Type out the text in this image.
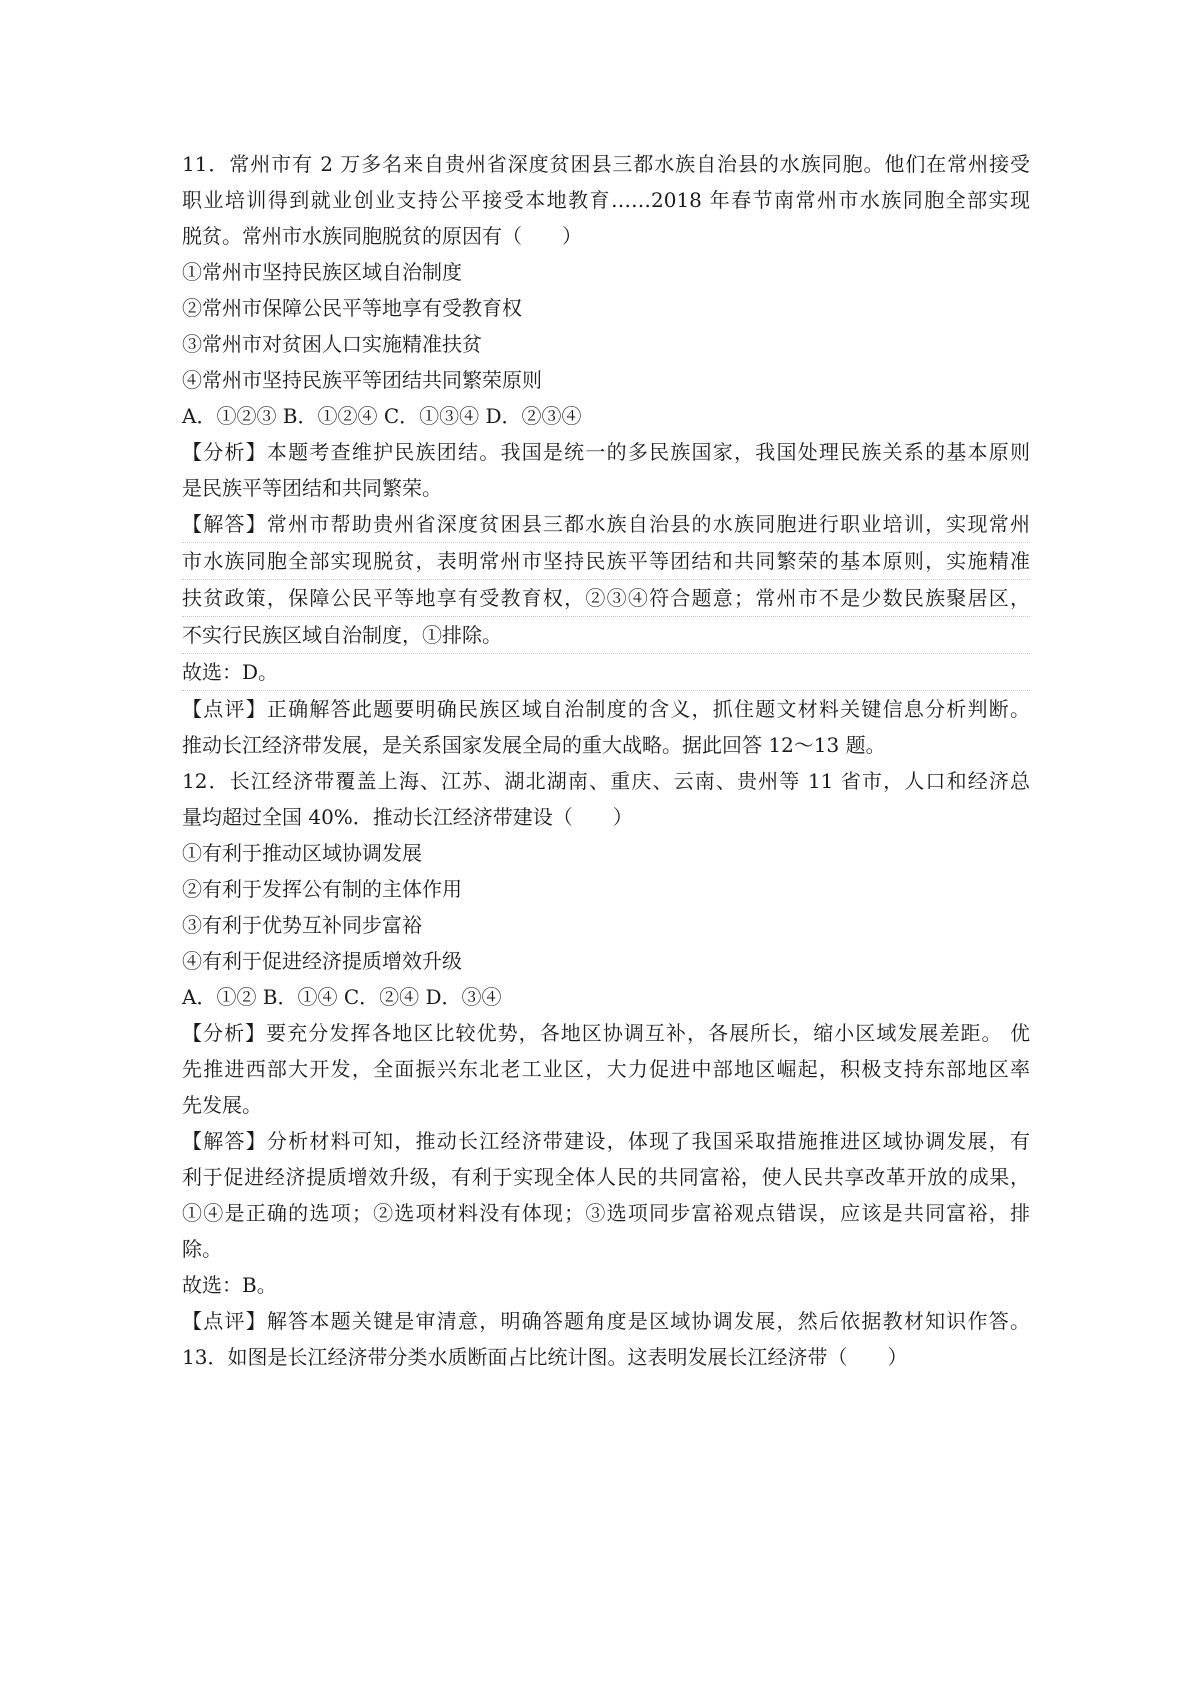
11．常州市有 2 万多名来自贵州省深度贫困县三都水族自治县的水族同胞。他们在常州接受
职业培训得到就业创业支持公平接受本地教育……2018 年春节南常州市水族同胞全部实现
脱贫。常州市水族同胞脱贫的原因有（　　）
①常州市坚持民族区域自治制度
②常州市保障公民平等地享有受教育权
③常州市对贫困人口实施精准扶贫
④常州市坚持民族平等团结共同繁荣原则
A．①②③ B．①②④ C．①③④ D．②③④
【分析】本题考查维护民族团结。我国是统一的多民族国家，我国处理民族关系的基本原则
是民族平等团结和共同繁荣。
【解答】常州市帮助贵州省深度贫困县三都水族自治县的水族同胞进行职业培训，实现常州
市水族同胞全部实现脱贫，表明常州市坚持民族平等团结和共同繁荣的基本原则，实施精准
扶贫政策，保障公民平等地享有受教育权，②③④符合题意；常州市不是少数民族聚居区，
不实行民族区域自治制度，①排除。
故选：D。
【点评】正确解答此题要明确民族区域自治制度的含义，抓住题文材料关键信息分析判断。
推动长江经济带发展，是关系国家发展全局的重大战略。据此回答 12～13 题。
12．长江经济带覆盖上海、江苏、湖北湖南、重庆、云南、贵州等 11 省市，人口和经济总
量均超过全国 40%．推动长江经济带建设（　　）
①有利于推动区域协调发展
②有利于发挥公有制的主体作用
③有利于优势互补同步富裕
④有利于促进经济提质增效升级
A．①② B．①④ C．②④ D．③④
【分析】要充分发挥各地区比较优势，各地区协调互补，各展所长，缩小区域发展差距。 优
先推进西部大开发，全面振兴东北老工业区，大力促进中部地区崛起，积极支持东部地区率
先发展。
【解答】分析材料可知，推动长江经济带建设，体现了我国采取措施推进区域协调发展，有
利于促进经济提质增效升级，有利于实现全体人民的共同富裕，使人民共享改革开放的成果，
①④是正确的选项；②选项材料没有体现；③选项同步富裕观点错误，应该是共同富裕，排
除。
故选：B。
【点评】解答本题关键是审清意，明确答题角度是区域协调发展，然后依据教材知识作答。
13．如图是长江经济带分类水质断面占比统计图。这表明发展长江经济带（　　）
